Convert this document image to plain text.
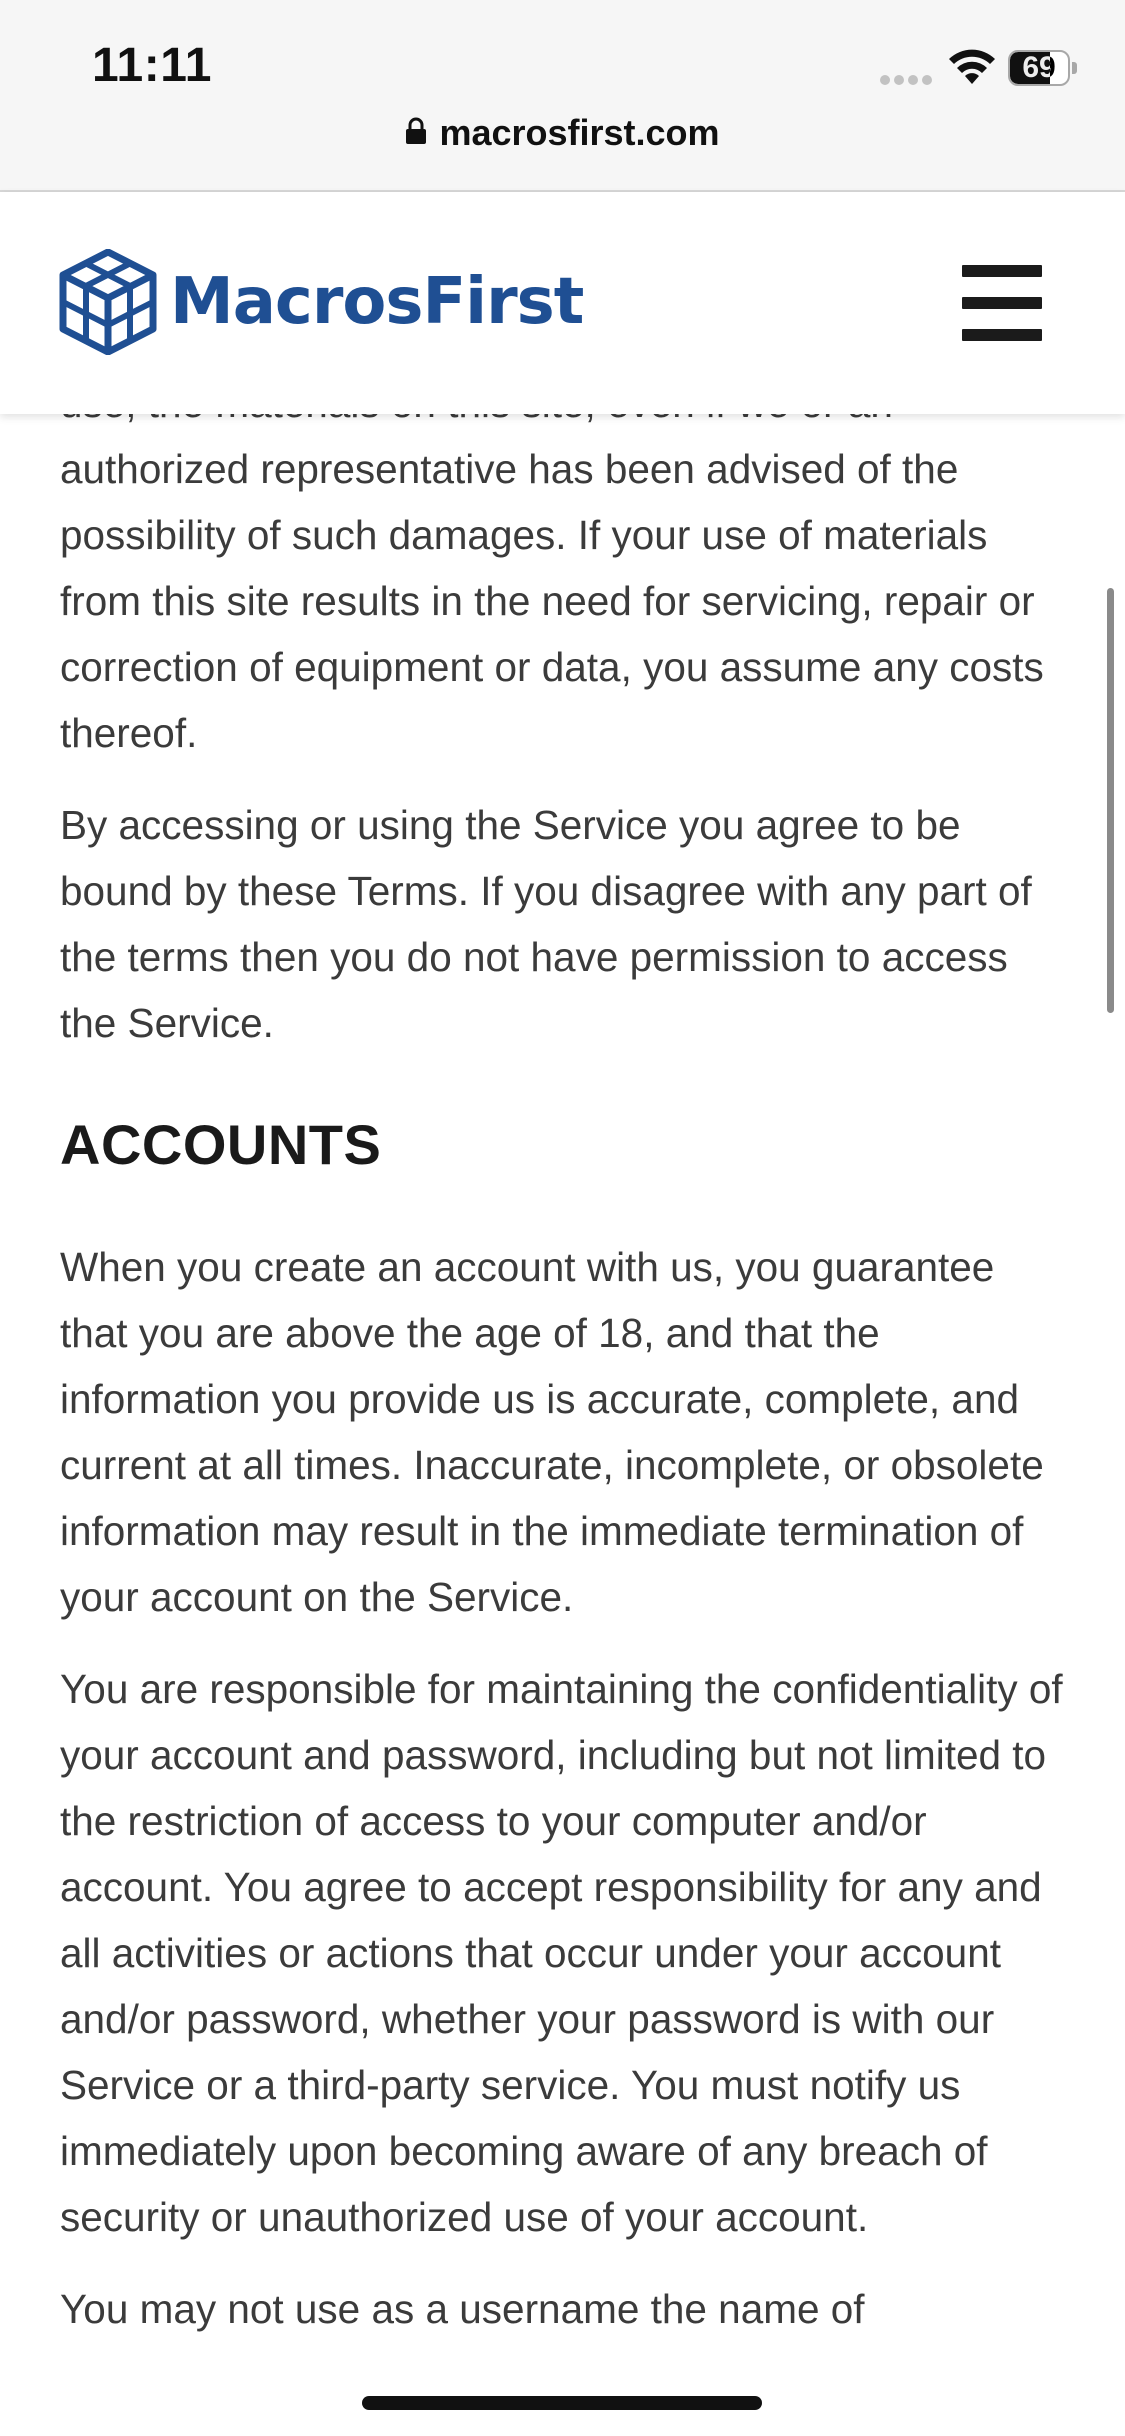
11:11	69
macrosfirst.com
MacrosFirst

authorized representative has been advised of the possibility of such damages. If your use of materials from this site results in the need for servicing, repair or correction of equipment or data, you assume any costs thereof.

By accessing or using the Service you agree to be bound by these Terms. If you disagree with any part of the terms then you do not have permission to access the Service.

ACCOUNTS

When you create an account with us, you guarantee that you are above the age of 18, and that the information you provide us is accurate, complete, and current at all times. Inaccurate, incomplete, or obsolete information may result in the immediate termination of your account on the Service.

You are responsible for maintaining the confidentiality of your account and password, including but not limited to the restriction of access to your computer and/or account. You agree to accept responsibility for any and all activities or actions that occur under your account and/or password, whether your password is with our Service or a third-party service. You must notify us immediately upon becoming aware of any breach of security or unauthorized use of your account.

You may not use as a username the name of
